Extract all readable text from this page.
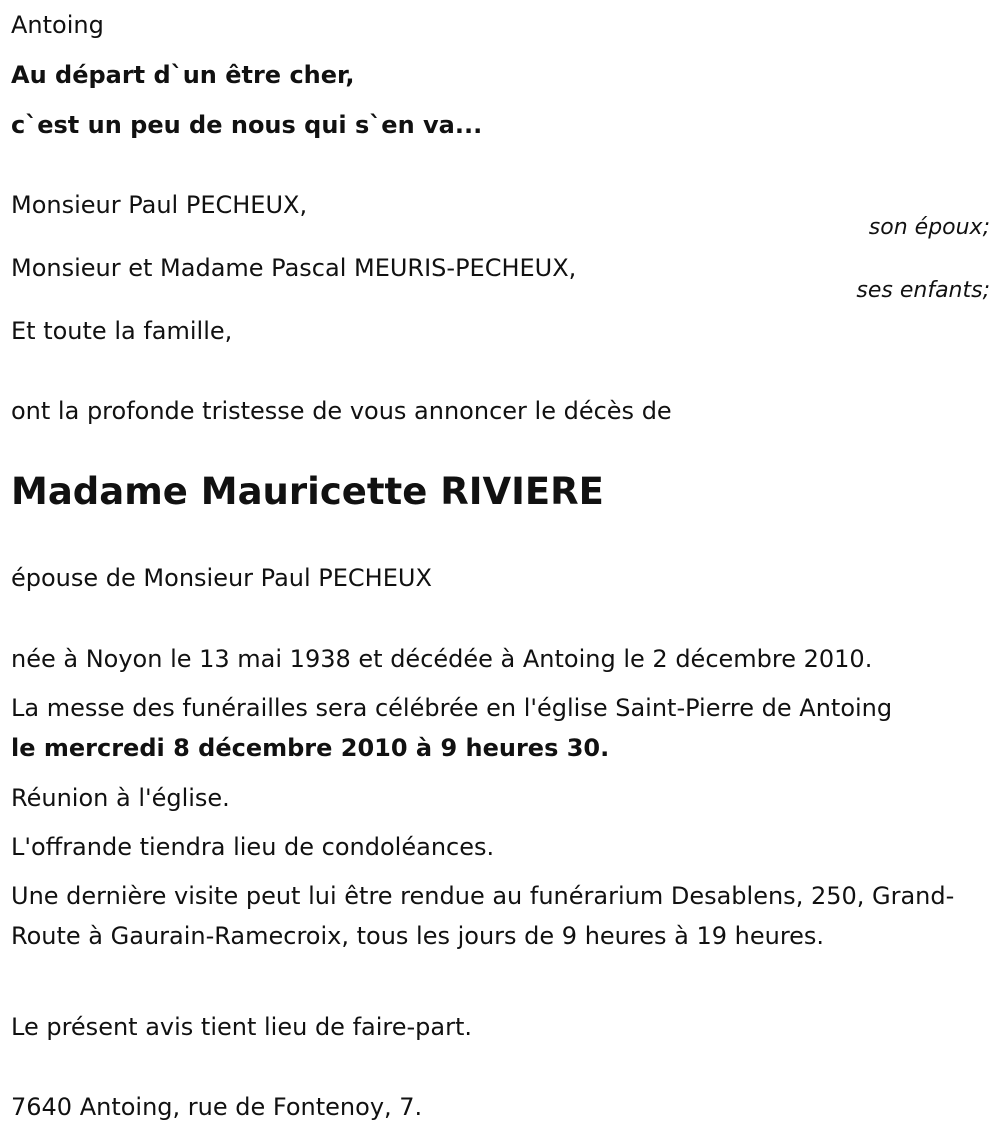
Antoing

Au départ d`un être cher,

c`est un peu de nous qui s`en va...

Monsieur Paul PECHEUX,

son époux;

Monsieur et Madame Pascal MEURIS-PECHEUX,

ses enfants;

Et toute la famille,

ont la profonde tristesse de vous annoncer le décès de

Madame Mauricette RIVIERE

épouse de Monsieur Paul PECHEUX

née à Noyon le 13 mai 1938 et décédée à Antoing le 2 décembre 2010.

La messe des funérailles sera célébrée en l'église Saint-Pierre de Antoing

le mercredi 8 décembre 2010 à 9 heures 30.

Réunion à l'église.

L'offrande tiendra lieu de condoléances.

Une dernière visite peut lui être rendue au funérarium Desablens, 250, Grand-Route à Gaurain-Ramecroix, tous les jours de 9 heures à 19 heures.

Le présent avis tient lieu de faire-part.

7640 Antoing, rue de Fontenoy, 7.
